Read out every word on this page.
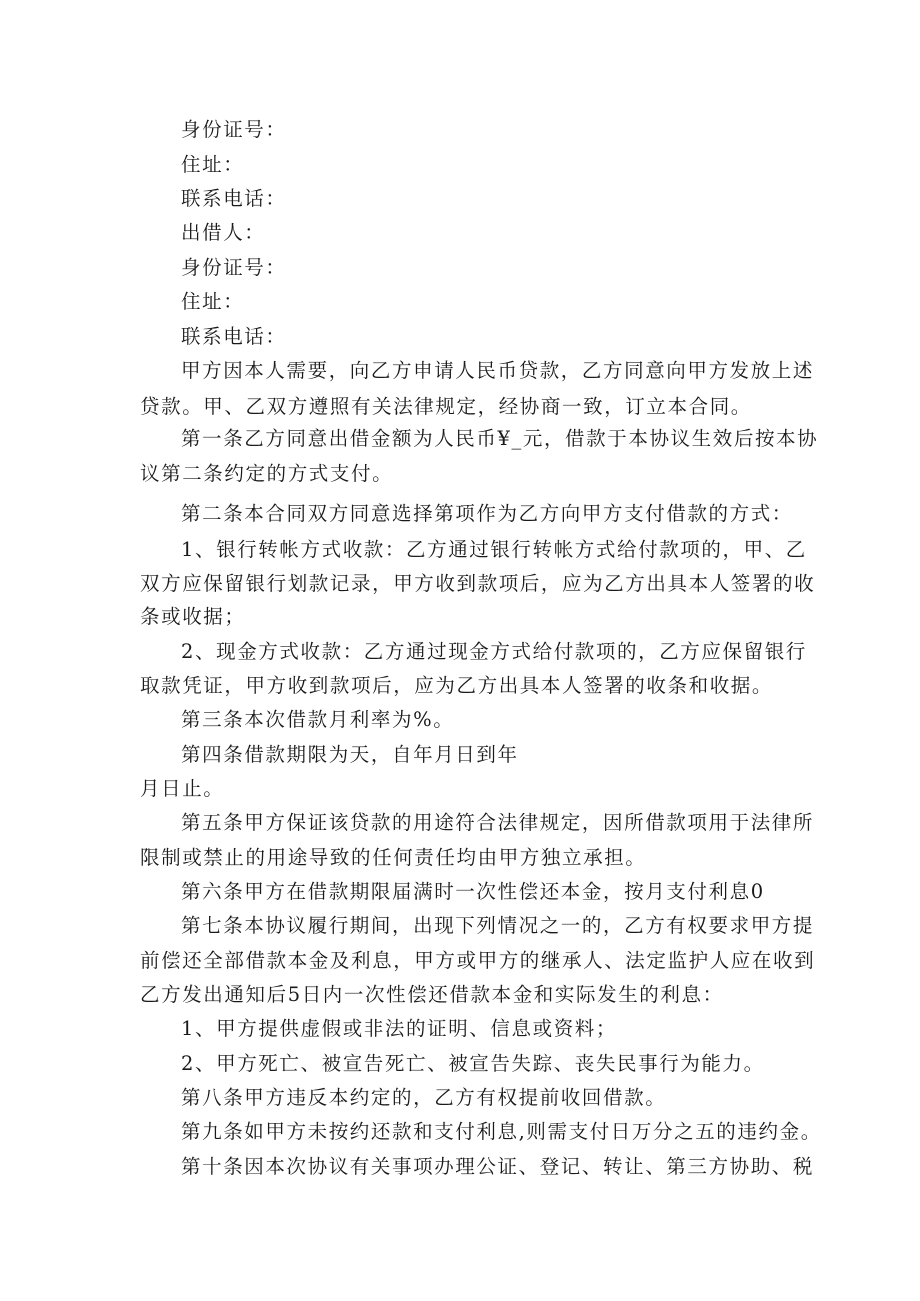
身份证号：
住址：
联系电话：
出借人：
身份证号：
住址：
联系电话：
甲方因本人需要，向乙方申请人民币贷款，乙方同意向甲方发放上述
贷款。甲、乙双方遵照有关法律规定，经协商一致，订立本合同。
第一条乙方同意出借金额为人民币¥_元，借款于本协议生效后按本协
议第二条约定的方式支付。
第二条本合同双方同意选择第项作为乙方向甲方支付借款的方式：
1、银行转帐方式收款：乙方通过银行转帐方式给付款项的，甲、乙
双方应保留银行划款记录，甲方收到款项后，应为乙方出具本人签署的收
条或收据；
2、现金方式收款：乙方通过现金方式给付款项的，乙方应保留银行
取款凭证，甲方收到款项后，应为乙方出具本人签署的收条和收据。
第三条本次借款月利率为%。
第四条借款期限为天，自年月日到年
月日止。
第五条甲方保证该贷款的用途符合法律规定，因所借款项用于法律所
限制或禁止的用途导致的任何责任均由甲方独立承担。
第六条甲方在借款期限届满时一次性偿还本金，按月支付利息0
第七条本协议履行期间，出现下列情况之一的，乙方有权要求甲方提
前偿还全部借款本金及利息，甲方或甲方的继承人、法定监护人应在收到
乙方发出通知后5日内一次性偿还借款本金和实际发生的利息：
1、甲方提供虚假或非法的证明、信息或资料；
2、甲方死亡、被宣告死亡、被宣告失踪、丧失民事行为能力。
第八条甲方违反本约定的，乙方有权提前收回借款。
第九条如甲方未按约还款和支付利息,则需支付日万分之五的违约金。
第十条因本次协议有关事项办理公证、登记、转让、第三方协助、税
